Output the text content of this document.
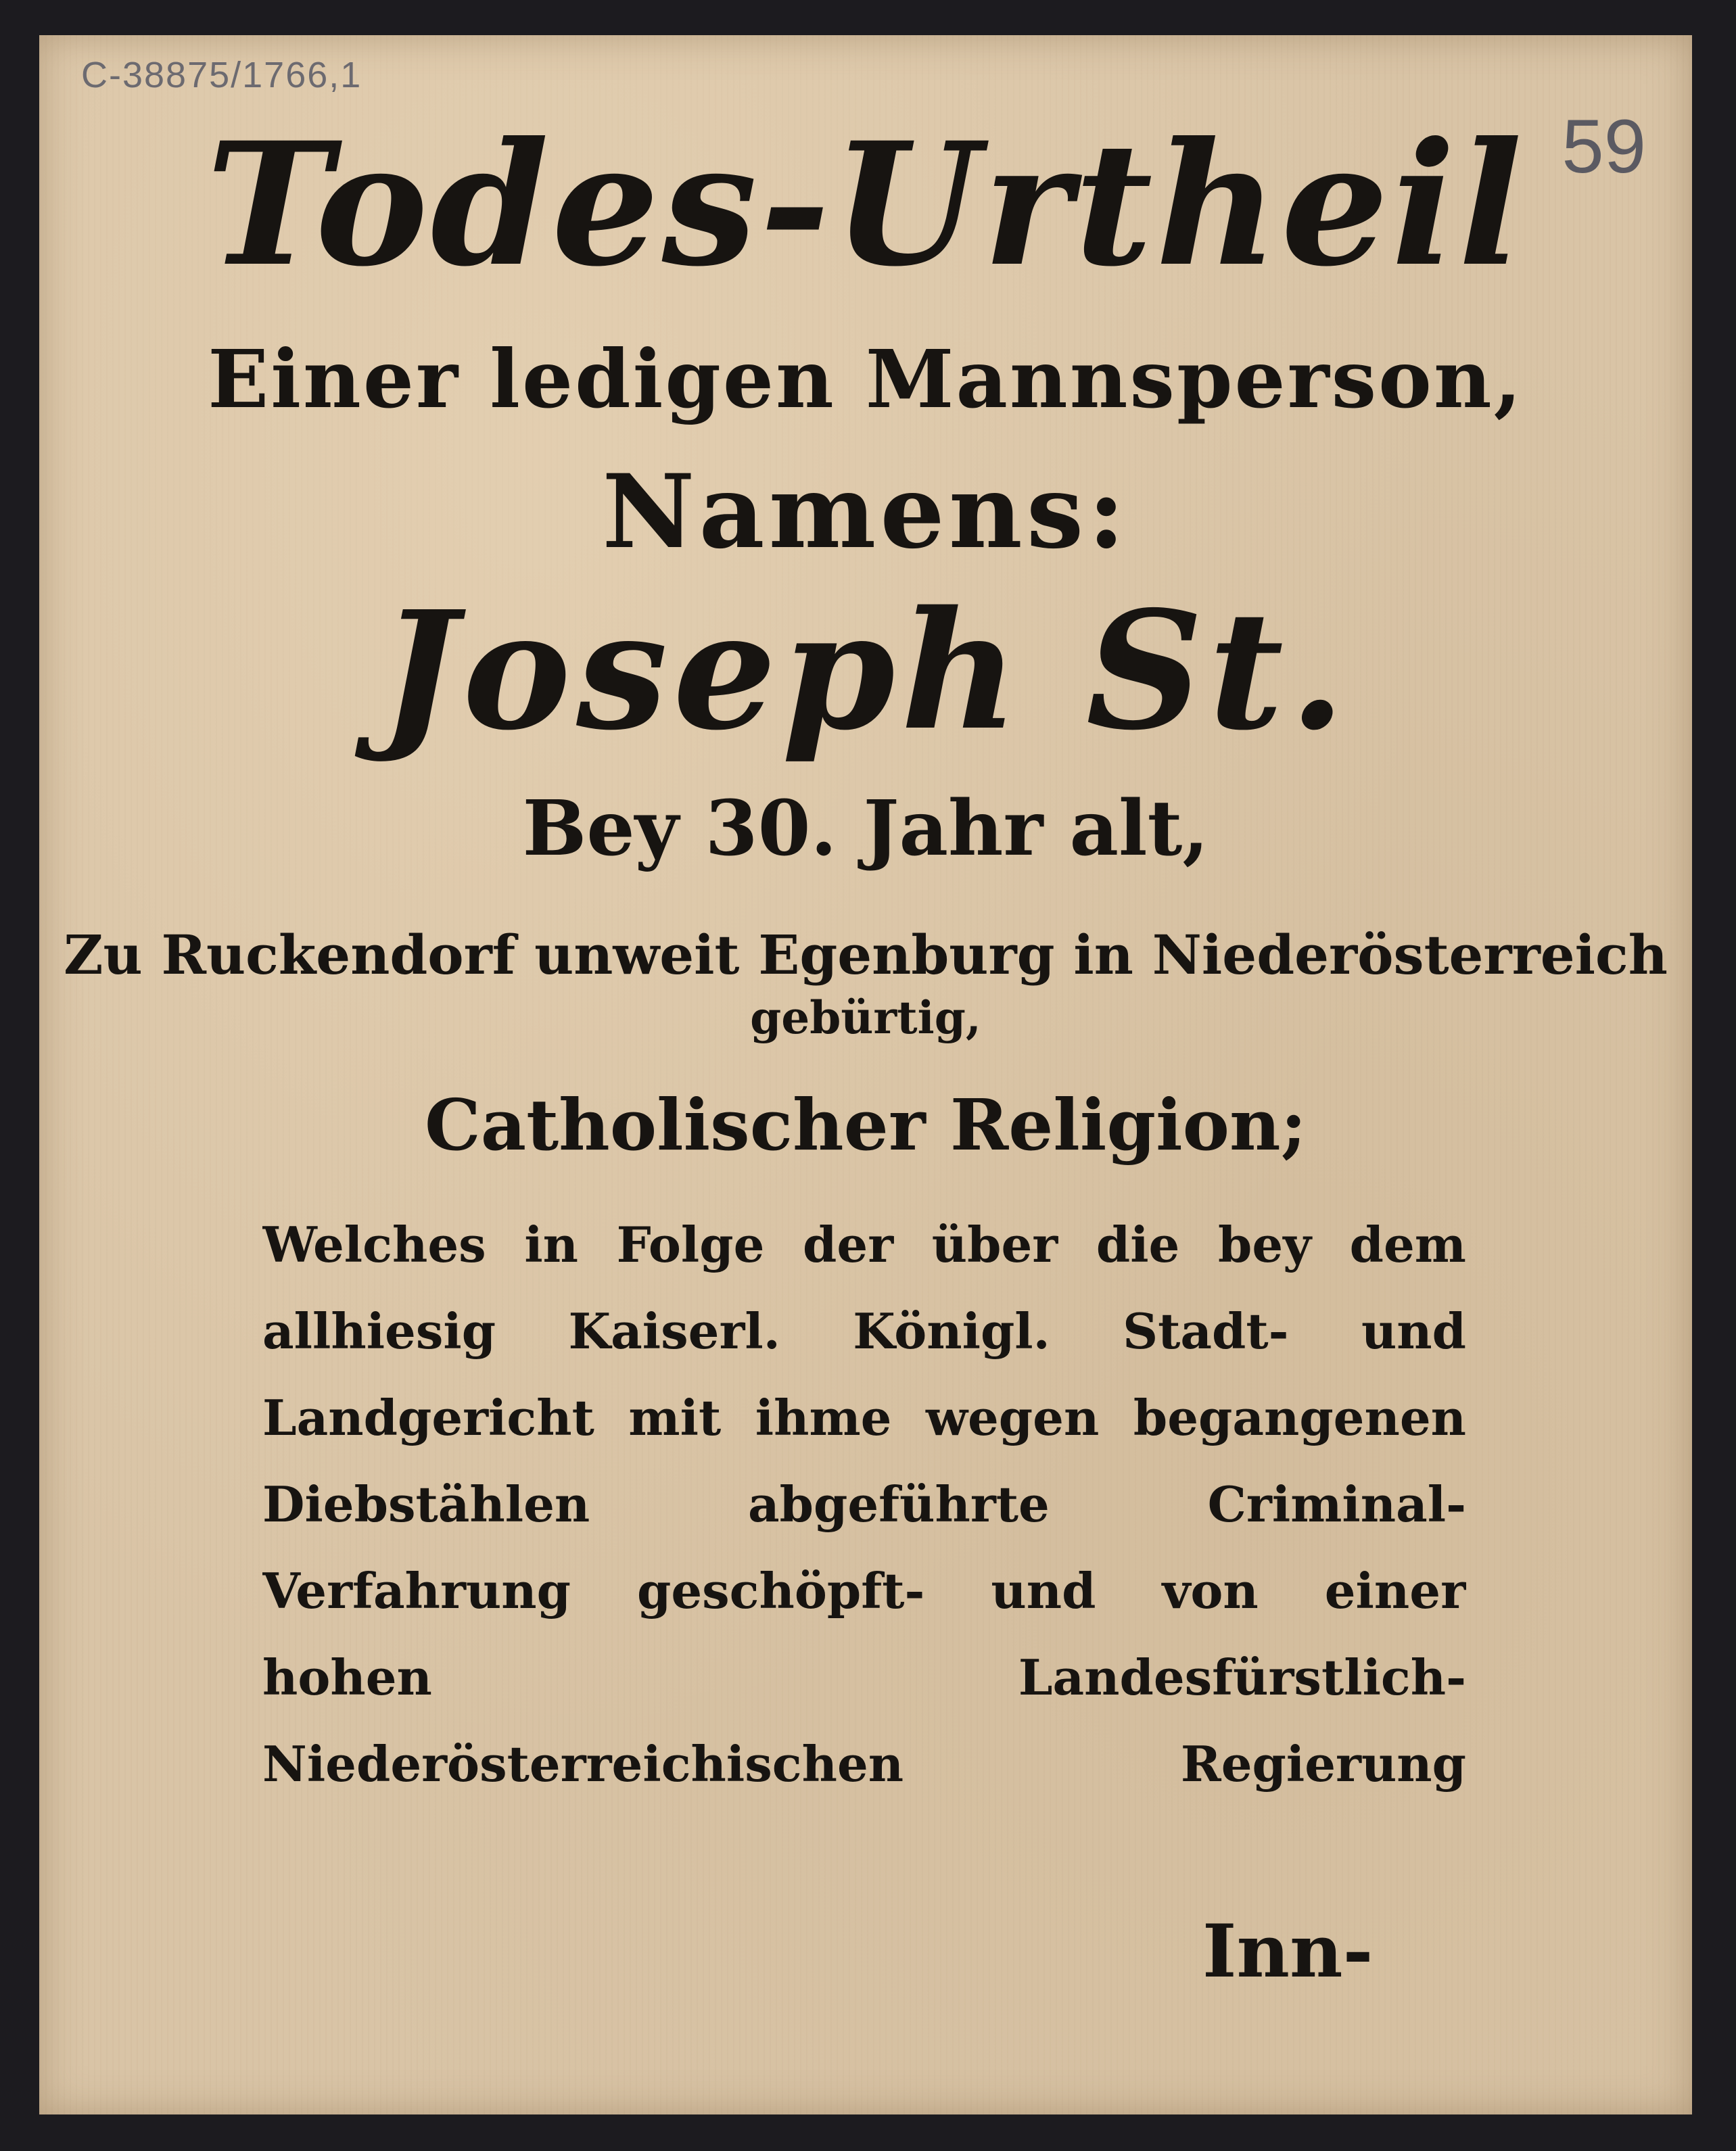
C-38875/1766,1
59
Todes-Urtheil
Einer ledigen Mannsperson,
Namens:
Joseph St.
Bey 30. Jahr alt,
Zu Ruckendorf unweit Egenburg in Niederösterreich
gebürtig,
Catholischer Religion;
Welches in Folge der über die bey dem allhiesig Kaiserl. Königl. Stadt- und Landgericht mit ihme wegen begangenen Diebstählen abgeführte Criminal-Verfahrung geschöpft- und von einer hohen Landesfürstlich-Niederösterreichischen Regierung
Inn-
